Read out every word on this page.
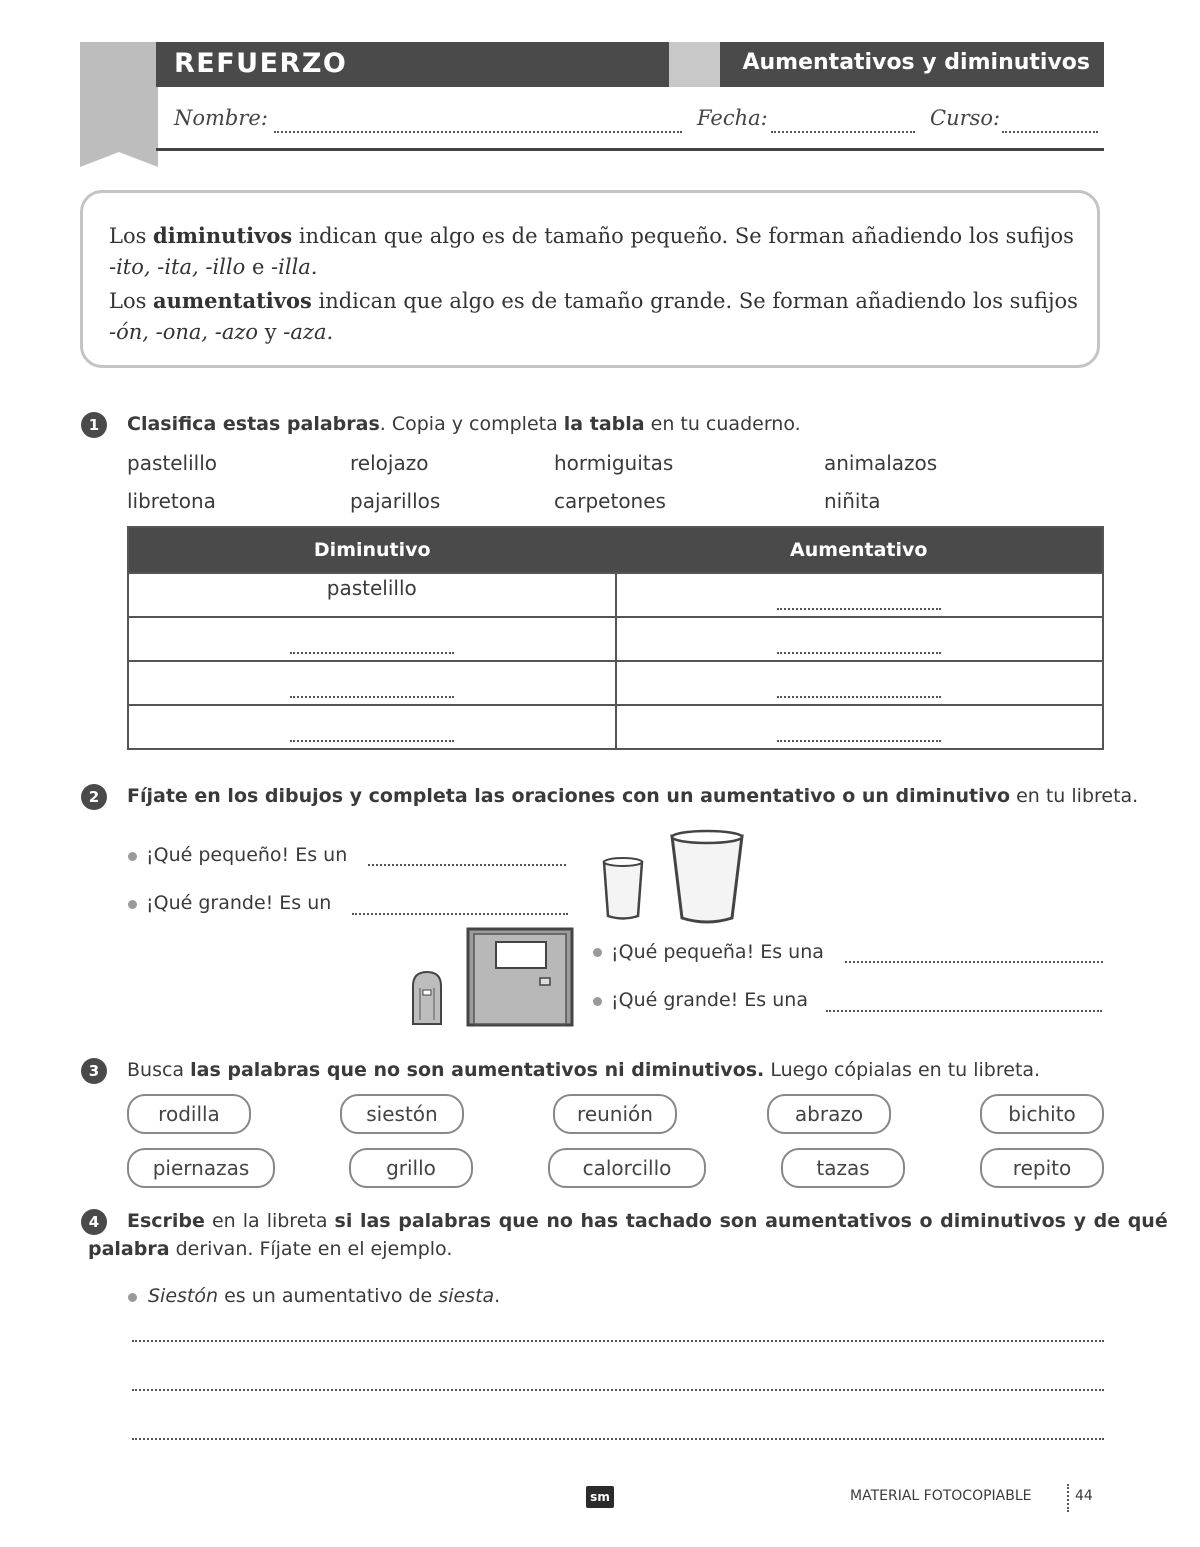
REFUERZO	Aumentativos y diminutivos
Nombre:	Fecha:	Curso:

Los diminutivos indican que algo es de tamaño pequeño. Se forman añadiendo los sufijos

-ito, -ita, -illo e -illa.

Los aumentativos indican que algo es de tamaño grande. Se forman añadiendo los sufijos

-ón, -ona, -azo y -aza.

1	Clasifica estas palabras. Copia y completa la tabla en tu cuaderno.
pastelillo	relojazo	hormiguitas	animalazos
libretona	pajarillos	carpetones	niñita
Diminutivo	Aumentativo
pastelillo
2	Fíjate en los dibujos y completa las oraciones con un aumentativo o un diminutivo en tu libreta.
¡Qué pequeño! Es un
¡Qué grande! Es un
¡Qué pequeña! Es una
¡Qué grande! Es una
3	Busca las palabras que no son aumentativos ni diminutivos. Luego cópialas en tu libreta.
rodilla	siestón	reunión	abrazo	bichito
piernazas	grillo	calorcillo	tazas	repito
4	Escribe en la libreta si las palabras que no has tachado son aumentativos o diminutivos y de qué
palabra derivan. Fíjate en el ejemplo.
Siestón es un aumentativo de siesta.
sm	MATERIAL FOTOCOPIABLE	44
